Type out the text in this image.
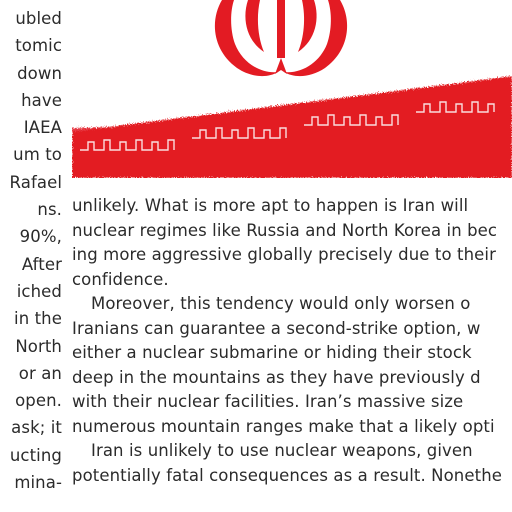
ubled
tomic
down
have
IAEA
um to
Rafael
ns.
90%,
After
iched
in the
North
or an
open.
ask; it
ucting
mina-
unlikely. What is more apt to happen is Iran will
nuclear regimes like Russia and North Korea in bec
ing more aggressive globally precisely due to their
confidence.
Moreover, this tendency would only worsen o
Iranians can guarantee a second-strike option, w
either a nuclear submarine or hiding their stock
deep in the mountains as they have previously d
with their nuclear facilities. Iran’s massive size
numerous mountain ranges make that a likely opti
Iran is unlikely to use nuclear weapons, given
potentially fatal consequences as a result. Nonethe
